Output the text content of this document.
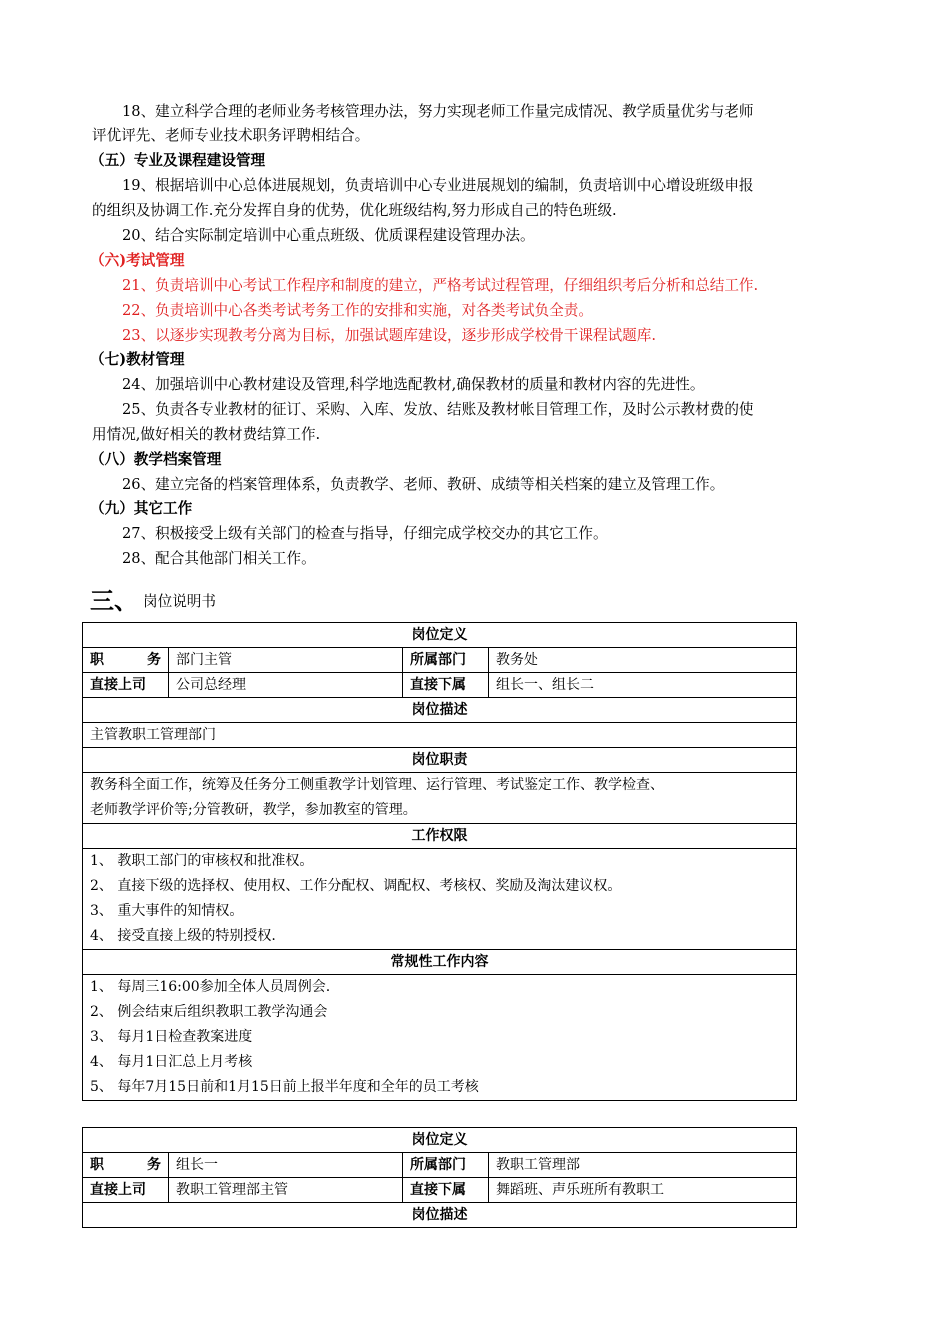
18、建立科学合理的老师业务考核管理办法，努力实现老师工作量完成情况、教学质量优劣与老师
评优评先、老师专业技术职务评聘相结合。
（五）专业及课程建设管理
19、根据培训中心总体进展规划，负责培训中心专业进展规划的编制，负责培训中心增设班级申报
的组织及协调工作.充分发挥自身的优势，优化班级结构,努力形成自己的特色班级.
20、结合实际制定培训中心重点班级、优质课程建设管理办法。
（六)考试管理
21、负责培训中心考试工作程序和制度的建立，严格考试过程管理，仔细组织考后分析和总结工作.
22、负责培训中心各类考试考务工作的安排和实施，对各类考试负全责。
23、以逐步实现教考分离为目标，加强试题库建设，逐步形成学校骨干课程试题库.
（七)教材管理
24、加强培训中心教材建设及管理,科学地选配教材,确保教材的质量和教材内容的先进性。
25、负责各专业教材的征订、采购、入库、发放、结账及教材帐目管理工作，及时公示教材费的使
用情况,做好相关的教材费结算工作.
（八）教学档案管理
26、建立完备的档案管理体系，负责教学、老师、教研、成绩等相关档案的建立及管理工作。
（九）其它工作
27、积极接受上级有关部门的检查与指导，仔细完成学校交办的其它工作。
28、配合其他部门相关工作。
三、 岗位说明书
岗位定义			
职 务	部门主管	所属部门	教务处
直接上司	公司总经理	直接下属	组长一、组长二
岗位描述			
主管教职工管理部门			
岗位职责			

教务科全面工作，统筹及任务分工侧重教学计划管理、运行管理、考试鉴定工作、教学检查、
老师教学评价等;分管教研，教学，参加教室的管理。			

工作权限			

1、 教职工部门的审核权和批准权。
2、 直接下级的选择权、使用权、工作分配权、调配权、考核权、奖励及淘汰建议权。
3、 重大事件的知情权。
4、 接受直接上级的特别授权.			

常规性工作内容			

1、 每周三16:00参加全体人员周例会.
2、 例会结束后组织教职工教学沟通会
3、 每月1日检查教案进度
4、 每月1日汇总上月考核
5、 每年7月15日前和1月15日前上报半年度和全年的员工考核			
岗位定义			
职 务	组长一	所属部门	教职工管理部
直接上司	教职工管理部主管	直接下属	舞蹈班、声乐班所有教职工
岗位描述			
